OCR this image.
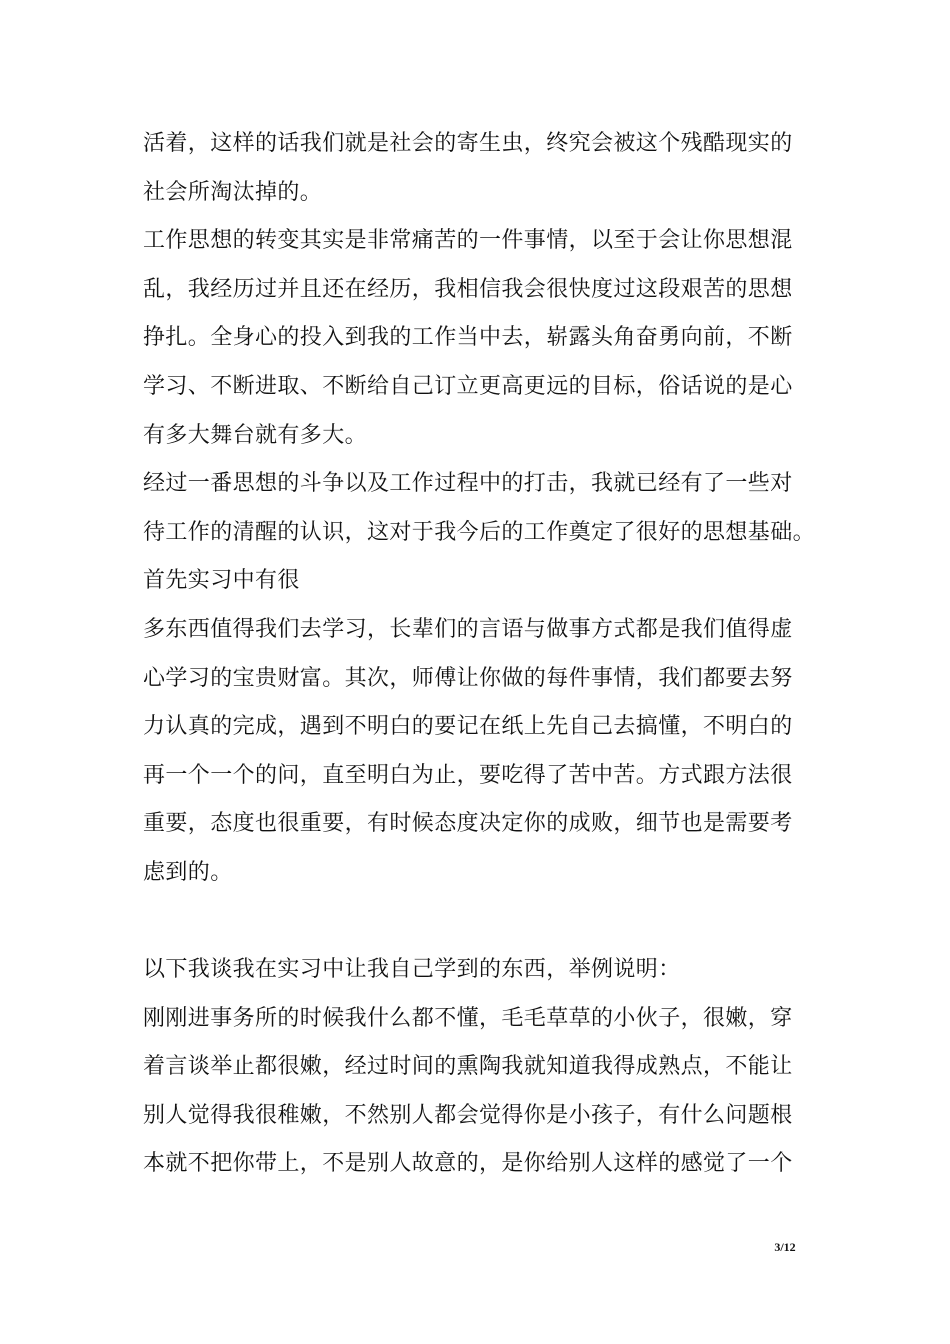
活着，这样的话我们就是社会的寄生虫，终究会被这个残酷现实的
社会所淘汰掉的。
工作思想的转变其实是非常痛苦的一件事情，以至于会让你思想混
乱，我经历过并且还在经历，我相信我会很快度过这段艰苦的思想
挣扎。全身心的投入到我的工作当中去，崭露头角奋勇向前，不断
学习、不断进取、不断给自己订立更高更远的目标，俗话说的是心
有多大舞台就有多大。
经过一番思想的斗争以及工作过程中的打击，我就已经有了一些对
待工作的清醒的认识，这对于我今后的工作奠定了很好的思想基础。
首先实习中有很
多东西值得我们去学习，长辈们的言语与做事方式都是我们值得虚
心学习的宝贵财富。其次，师傅让你做的每件事情，我们都要去努
力认真的完成，遇到不明白的要记在纸上先自己去搞懂，不明白的
再一个一个的问，直至明白为止，要吃得了苦中苦。方式跟方法很
重要，态度也很重要，有时候态度决定你的成败，细节也是需要考
虑到的。
以下我谈我在实习中让我自己学到的东西，举例说明：
刚刚进事务所的时候我什么都不懂，毛毛草草的小伙子，很嫩，穿
着言谈举止都很嫩，经过时间的熏陶我就知道我得成熟点，不能让
别人觉得我很稚嫩，不然别人都会觉得你是小孩子，有什么问题根
本就不把你带上，不是别人故意的，是你给别人这样的感觉了一个
3/12
